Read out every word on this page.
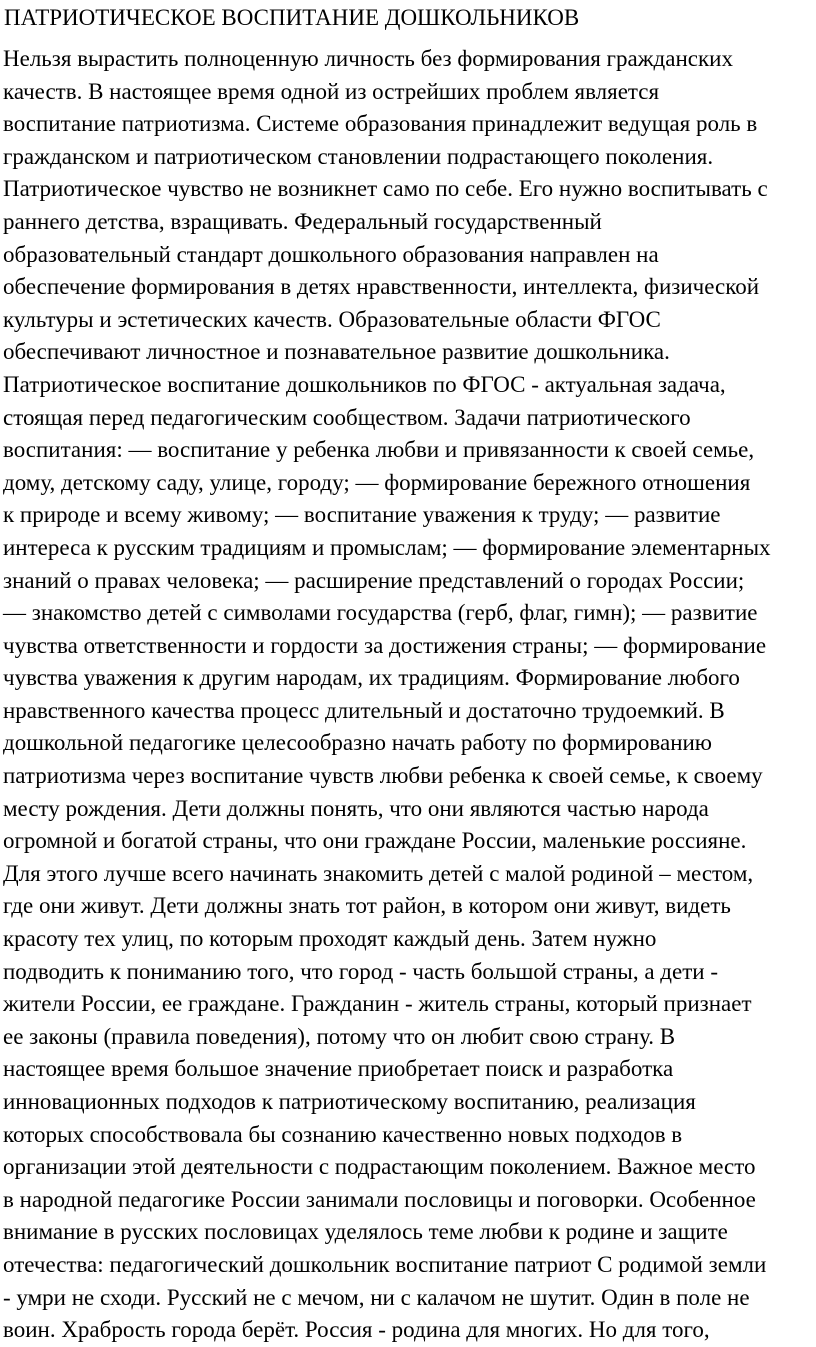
ПАТРИОТИЧЕСКОЕ ВОСПИТАНИЕ ДОШКОЛЬНИКОВ
Нельзя вырастить полноценную личность без формирования гражданских
качеств. В настоящее время одной из острейших проблем является
воспитание патриотизма. Системе образования принадлежит ведущая роль в
гражданском и патриотическом становлении подрастающего поколения.
Патриотическое чувство не возникнет само по себе. Его нужно воспитывать с
раннего детства, взращивать. Федеральный государственный
образовательный стандарт дошкольного образования направлен на
обеспечение формирования в детях нравственности, интеллекта, физической
культуры и эстетических качеств. Образовательные области ФГОС
обеспечивают личностное и познавательное развитие дошкольника.
Патриотическое воспитание дошкольников по ФГОС - актуальная задача,
стоящая перед педагогическим сообществом. Задачи патриотического
воспитания: — воспитание у ребенка любви и привязанности к своей семье,
дому, детскому саду, улице, городу; — формирование бережного отношения
к природе и всему живому; — воспитание уважения к труду; — развитие
интереса к русским традициям и промыслам; — формирование элементарных
знаний о правах человека; — расширение представлений о городах России;
— знакомство детей с символами государства (герб, флаг, гимн); — развитие
чувства ответственности и гордости за достижения страны; — формирование
чувства уважения к другим народам, их традициям. Формирование любого
нравственного качества процесс длительный и достаточно трудоемкий. В
дошкольной педагогике целесообразно начать работу по формированию
патриотизма через воспитание чувств любви ребенка к своей семье, к своему
месту рождения. Дети должны понять, что они являются частью народа
огромной и богатой страны, что они граждане России, маленькие россияне.
Для этого лучше всего начинать знакомить детей с малой родиной – местом,
где они живут. Дети должны знать тот район, в котором они живут, видеть
красоту тех улиц, по которым проходят каждый день. Затем нужно
подводить к пониманию того, что город - часть большой страны, а дети -
жители России, ее граждане. Гражданин - житель страны, который признает
ее законы (правила поведения), потому что он любит свою страну. В
настоящее время большое значение приобретает поиск и разработка
инновационных подходов к патриотическому воспитанию, реализация
которых способствовала бы сознанию качественно новых подходов в
организации этой деятельности с подрастающим поколением. Важное место
в народной педагогике России занимали пословицы и поговорки. Особенное
внимание в русских пословицах уделялось теме любви к родине и защите
отечества: педагогический дошкольник воспитание патриот С родимой земли
- умри не сходи. Русский не с мечом, ни с калачом не шутит. Один в поле не
воин. Храбрость города берёт. Россия - родина для многих. Но для того,
